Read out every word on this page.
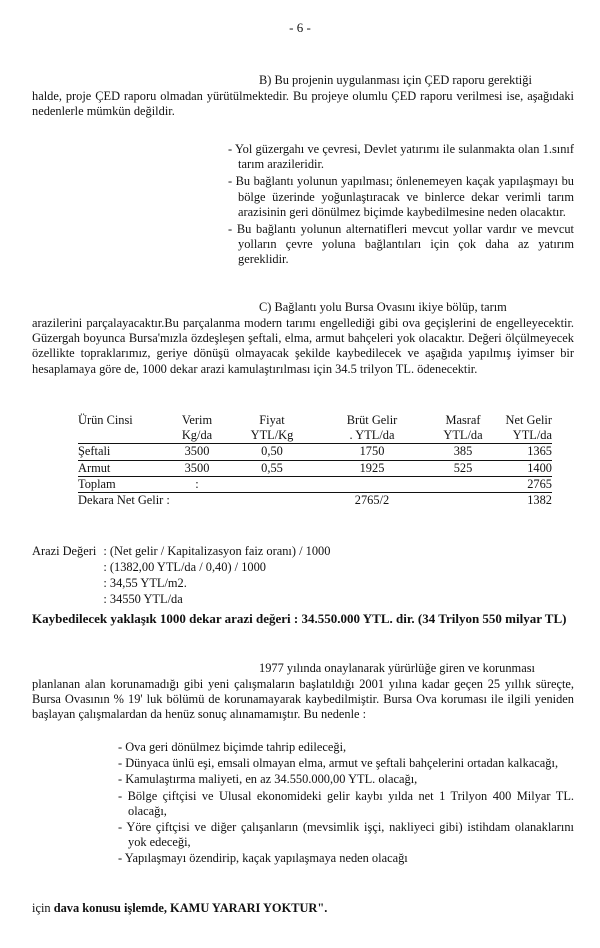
- 6 -
B) Bu projenin uygulanması için ÇED raporu gerektiği
halde, proje ÇED raporu olmadan yürütülmektedir. Bu projeye olumlu ÇED raporu verilmesi ise, aşağıdaki nedenlerle mümkün değildir.
- Yol güzergahı ve çevresi, Devlet yatırımı ile sulanmakta olan 1.sınıf tarım arazileridir.
- Bu bağlantı yolunun yapılması; önlenemeyen kaçak yapılaşmayı bu bölge üzerinde yoğunlaştıracak ve binlerce dekar verimli tarım arazisinin geri dönülmez biçimde kaybedilmesine neden olacaktır.
- Bu bağlantı yolunun alternatifleri mevcut yollar vardır ve mevcut yolların çevre yoluna bağlantıları için çok daha az yatırım gereklidir.
C) Bağlantı yolu Bursa Ovasını ikiye bölüp, tarım
arazilerini parçalayacaktır.Bu parçalanma modern tarımı engellediği gibi ova geçişlerini de engelleyecektir. Güzergah boyunca Bursa'mızla özdeşleşen şeftali, elma, armut bahçeleri yok olacaktır. Değeri ölçülmeyecek özellikte topraklarımız, geriye dönüşü olmayacak şekilde kaybedilecek ve aşağıda yapılmış iyimser bir hesaplamaya göre de, 1000 dekar arazi kamulaştırılması için 34.5 trilyon TL. ödenecektir.
Ürün Cinsi	Verim	Fiyat	Brüt Gelir	Masraf	Net Gelir
	Kg/da	YTL/Kg	. YTL/da	YTL/da	YTL/da
Şeftali	3500	0,50	1750	385	1365
Armut	3500	0,55	1925	525	1400
Toplam	:				2765
Dekara Net Gelir :			2765/2		1382
Arazi Değeri	: (Net gelir / Kapitalizasyon faiz oranı) / 1000
	: (1382,00 YTL/da / 0,40) / 1000
	: 34,55 YTL/m2.
	: 34550 YTL/da
Kaybedilecek yaklaşık 1000 dekar arazi değeri : 34.550.000 YTL. dir. (34 Trilyon 550 milyar TL)
1977 yılında onaylanarak yürürlüğe giren ve korunması
planlanan alan korunamadığı gibi yeni çalışmaların başlatıldığı 2001 yılına kadar geçen 25 yıllık süreçte, Bursa Ovasının % 19' luk bölümü de korunamayarak kaybedilmiştir. Bursa Ova koruması ile ilgili yeniden başlayan çalışmalardan da henüz sonuç alınamamıştır. Bu nedenle :
- Ova geri dönülmez biçimde tahrip edileceği,
- Dünyaca ünlü eşi, emsali olmayan elma, armut ve şeftali bahçelerini ortadan kalkacağı,
- Kamulaştırma maliyeti, en az 34.550.000,00 YTL. olacağı,
- Bölge çiftçisi ve Ulusal ekonomideki gelir kaybı yılda net 1 Trilyon 400 Milyar TL. olacağı,
- Yöre çiftçisi ve diğer çalışanların (mevsimlik işçi, nakliyeci gibi) istihdam olanaklarını yok edeceği,
- Yapılaşmayı özendirip, kaçak yapılaşmaya neden olacağı
için dava konusu işlemde, KAMU YARARI YOKTUR".
